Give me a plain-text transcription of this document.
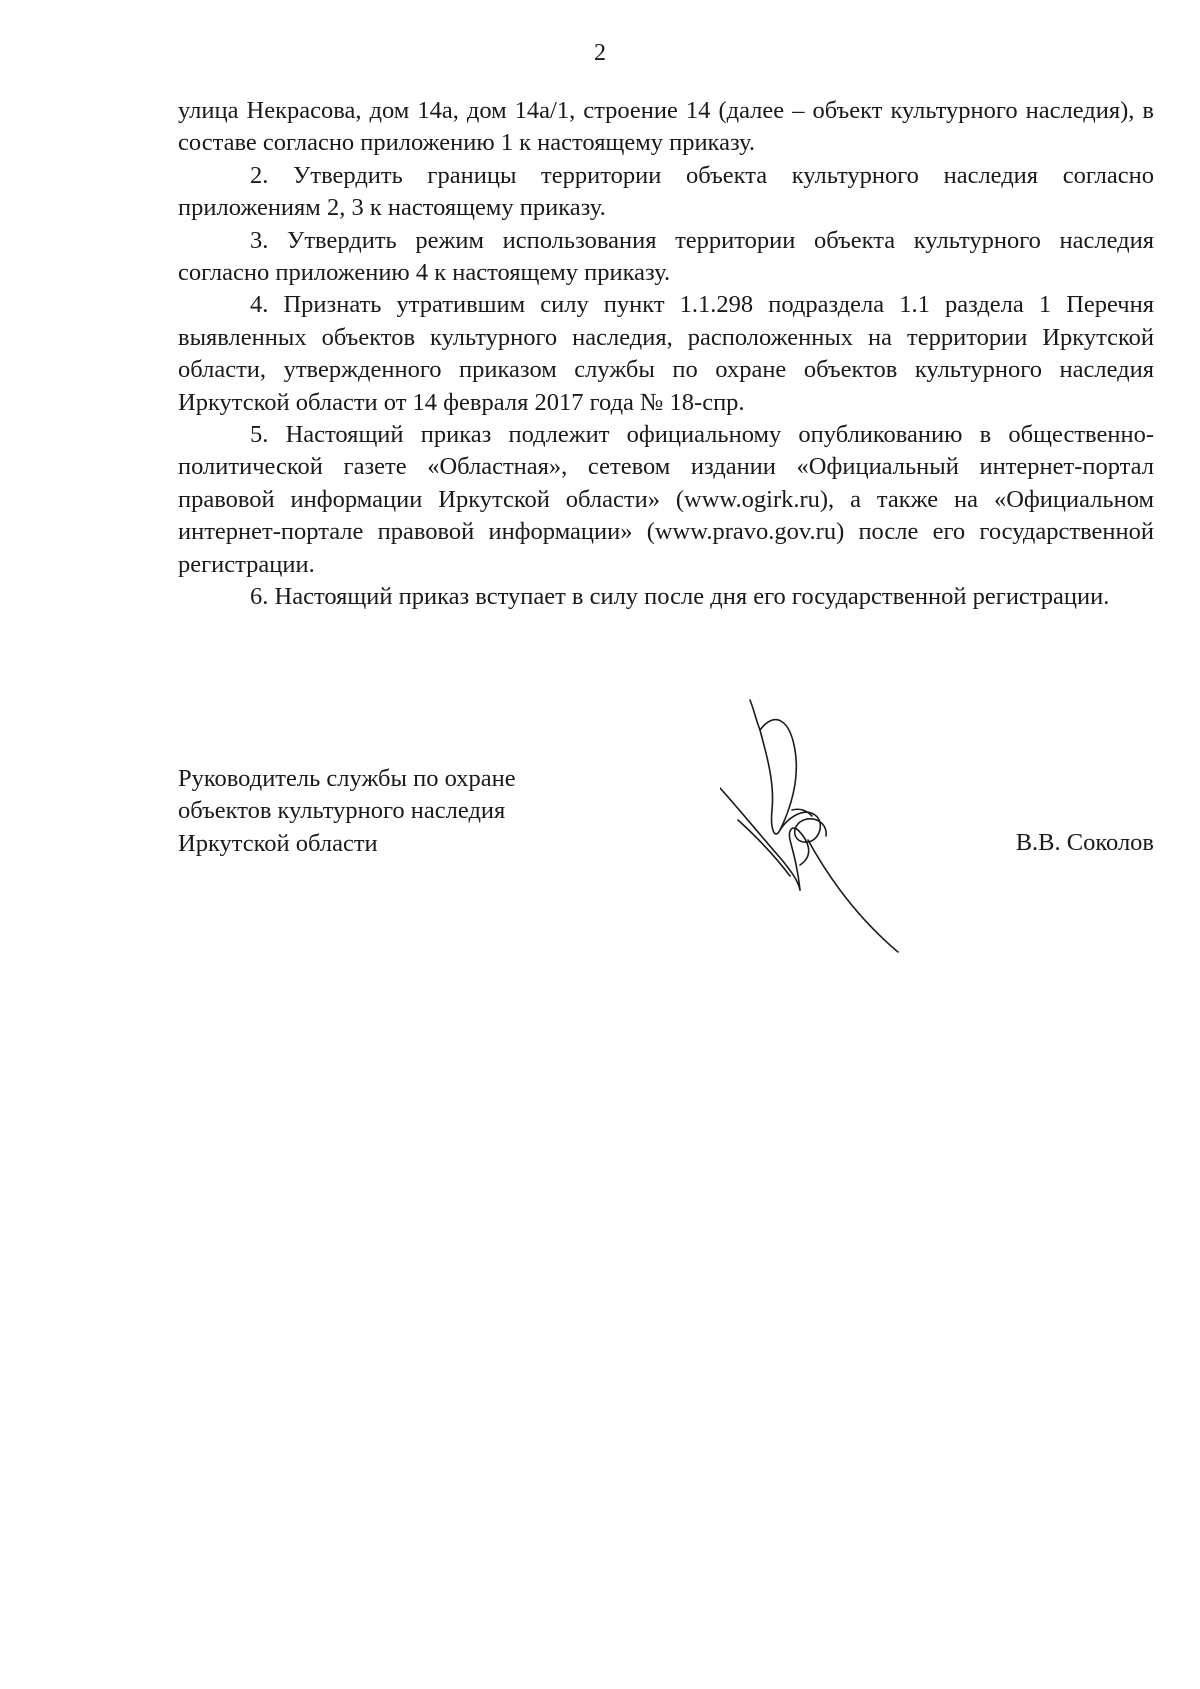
2

улица Некрасова, дом 14а, дом 14а/1, строение 14 (далее – объект культурного наследия), в составе согласно приложению 1 к настоящему приказу.

2. Утвердить границы территории объекта культурного наследия согласно приложениям 2, 3 к настоящему приказу.

3. Утвердить режим использования территории объекта культурного наследия согласно приложению 4 к настоящему приказу.

4. Признать утратившим силу пункт 1.1.298 подраздела 1.1 раздела 1 Перечня выявленных объектов культурного наследия, расположенных на территории Иркутской области, утвержденного приказом службы по охране объектов культурного наследия Иркутской области от 14 февраля 2017 года № 18-спр.

5. Настоящий приказ подлежит официальному опубликованию в общественно-политической газете «Областная», сетевом издании «Официальный интернет-портал правовой информации Иркутской области» (www.ogirk.ru), а также на «Официальном интернет-портале правовой информации» (www.pravo.gov.ru) после его государственной регистрации.

6. Настоящий приказ вступает в силу после дня его государственной регистрации.

Руководитель службы по охране
объектов культурного наследия
Иркутской области	В.В. Соколов
